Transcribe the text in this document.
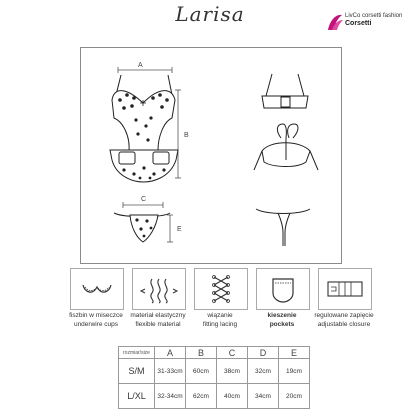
Larisa	LivCo corsetti fashion
Corsetti
A
B
C
E
fiszbin w miseczce
underwire cups
materiał elastyczny
flexible material
wiązanie
fitting lacing
kieszenie
pockets
regulowane zapięcie
adjustable closure
rozmiar/size	A	B	C	D	E
S/M	31-33cm	60cm	38cm	32cm	19cm
L/XL	32-34cm	62cm	40cm	34cm	20cm
